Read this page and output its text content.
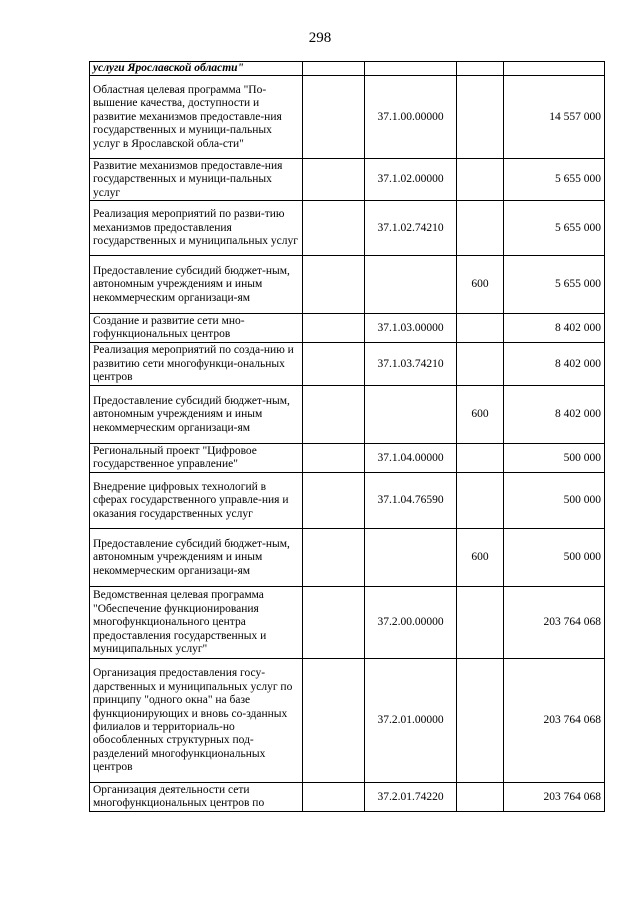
298
услуги Ярославской области"				
Областная целевая программа "По-вышение качества, доступности и развитие механизмов предоставле-ния государственных и муници-пальных услуг в Ярославской обла-сти"		37.1.00.00000		14 557 000
Развитие механизмов предоставле-ния государственных и муници-пальных услуг		37.1.02.00000		5 655 000
Реализация мероприятий по разви-тию механизмов предоставления государственных и муниципальных услуг		37.1.02.74210		5 655 000
Предоставление субсидий бюджет-ным, автономным учреждениям и иным некоммерческим организаци-ям			600	5 655 000
Создание и развитие сети мно-гофункциональных центров		37.1.03.00000		8 402 000
Реализация мероприятий по созда-нию и развитию сети многофункци-ональных центров		37.1.03.74210		8 402 000
Предоставление субсидий бюджет-ным, автономным учреждениям и иным некоммерческим организаци-ям			600	8 402 000
Региональный проект "Цифровое государственное управление"		37.1.04.00000		500 000
Внедрение цифровых технологий в сферах государственного управле-ния и оказания государственных услуг		37.1.04.76590		500 000
Предоставление субсидий бюджет-ным, автономным учреждениям и иным некоммерческим организаци-ям			600	500 000
Ведомственная целевая программа "Обеспечение функционирования многофункционального центра предоставления государственных и муниципальных услуг"		37.2.00.00000		203 764 068
Организация предоставления госу-дарственных и муниципальных услуг по принципу "одного окна" на базе функционирующих и вновь со-зданных филиалов и территориаль-но обособленных структурных под-разделений многофункциональных центров		37.2.01.00000		203 764 068
Организация деятельности сети многофункциональных центров по		37.2.01.74220		203 764 068
